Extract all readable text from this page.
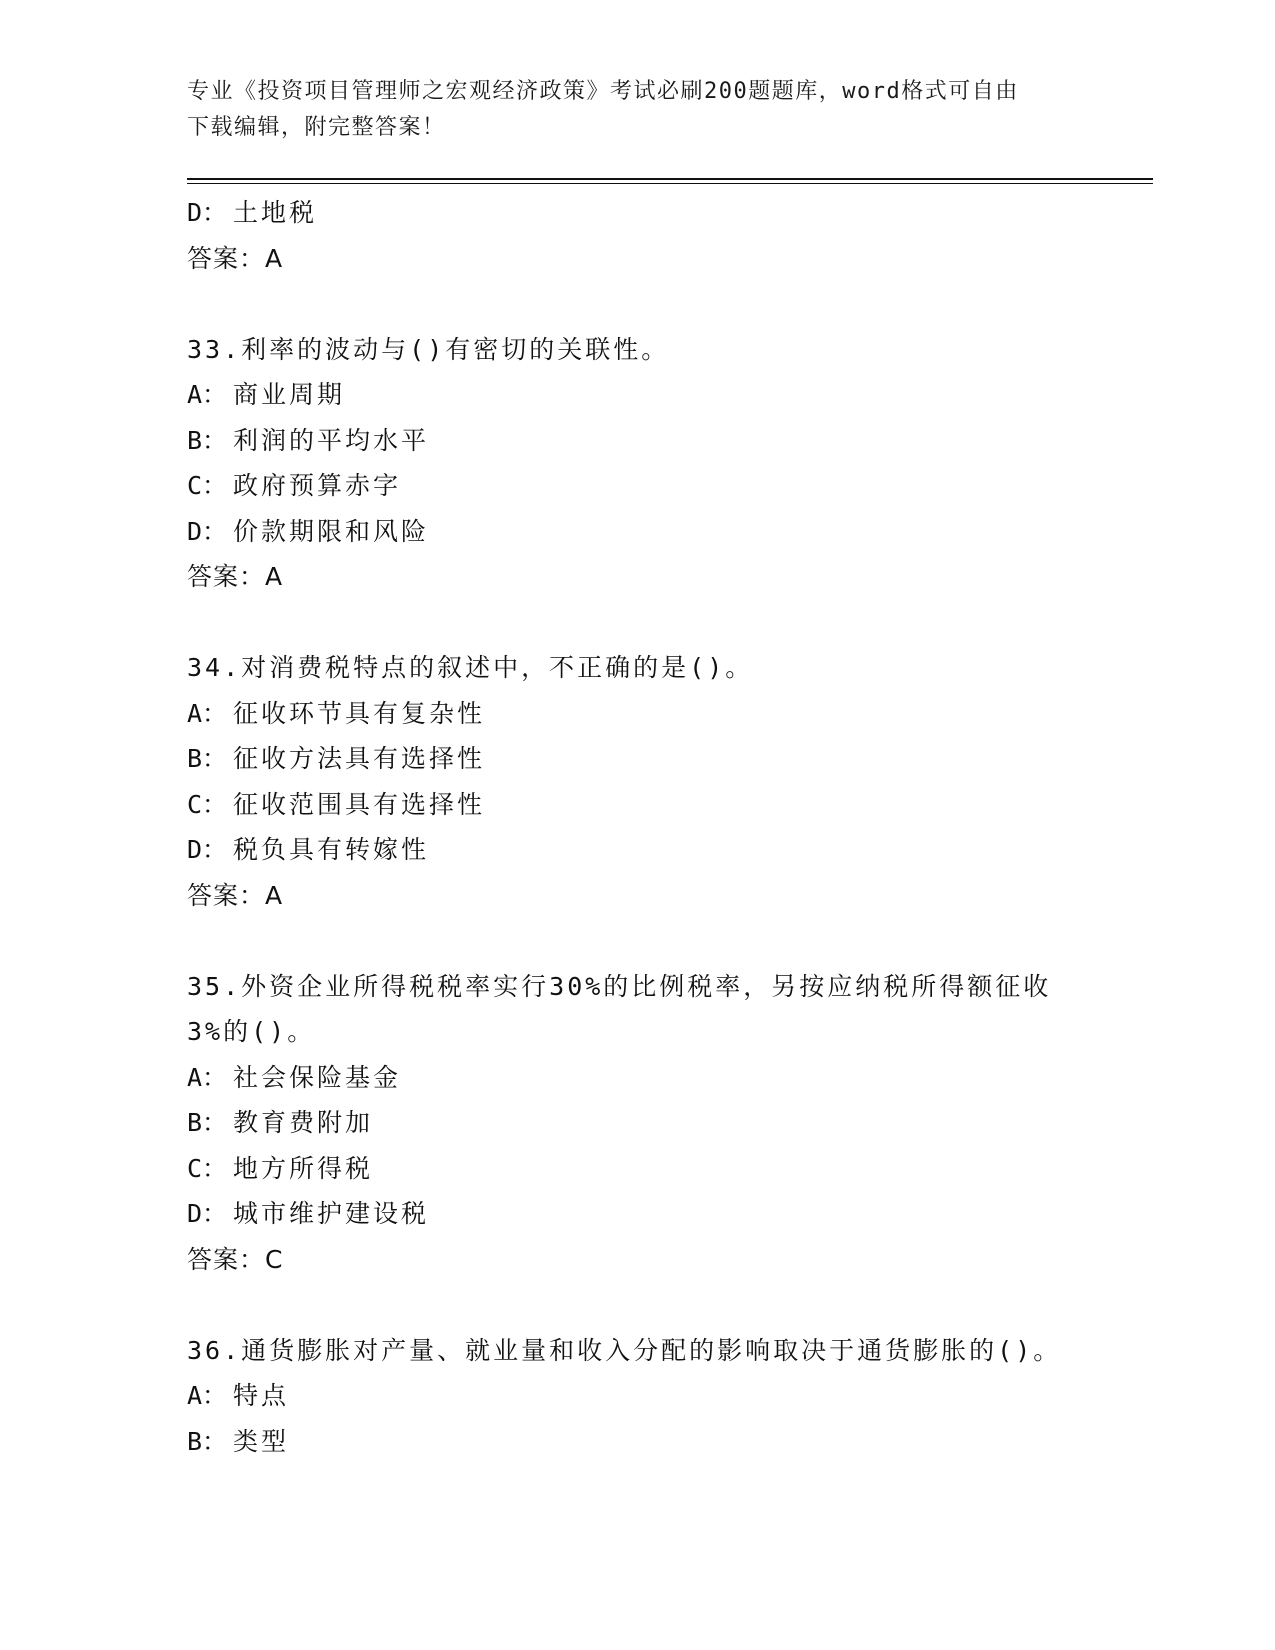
专业《投资项目管理师之宏观经济政策》考试必刷200题题库，word格式可自由
下载编辑，附完整答案！
D： 土地税
答案：A
33.利率的波动与()有密切的关联性。
A： 商业周期
B： 利润的平均水平
C： 政府预算赤字
D： 价款期限和风险
答案：A
34.对消费税特点的叙述中，不正确的是()。
A： 征收环节具有复杂性
B： 征收方法具有选择性
C： 征收范围具有选择性
D： 税负具有转嫁性
答案：A
35.外资企业所得税税率实行30%的比例税率，另按应纳税所得额征收
3%的()。
A： 社会保险基金
B： 教育费附加
C： 地方所得税
D： 城市维护建设税
答案：C
36.通货膨胀对产量、就业量和收入分配的影响取决于通货膨胀的()。
A： 特点
B： 类型
